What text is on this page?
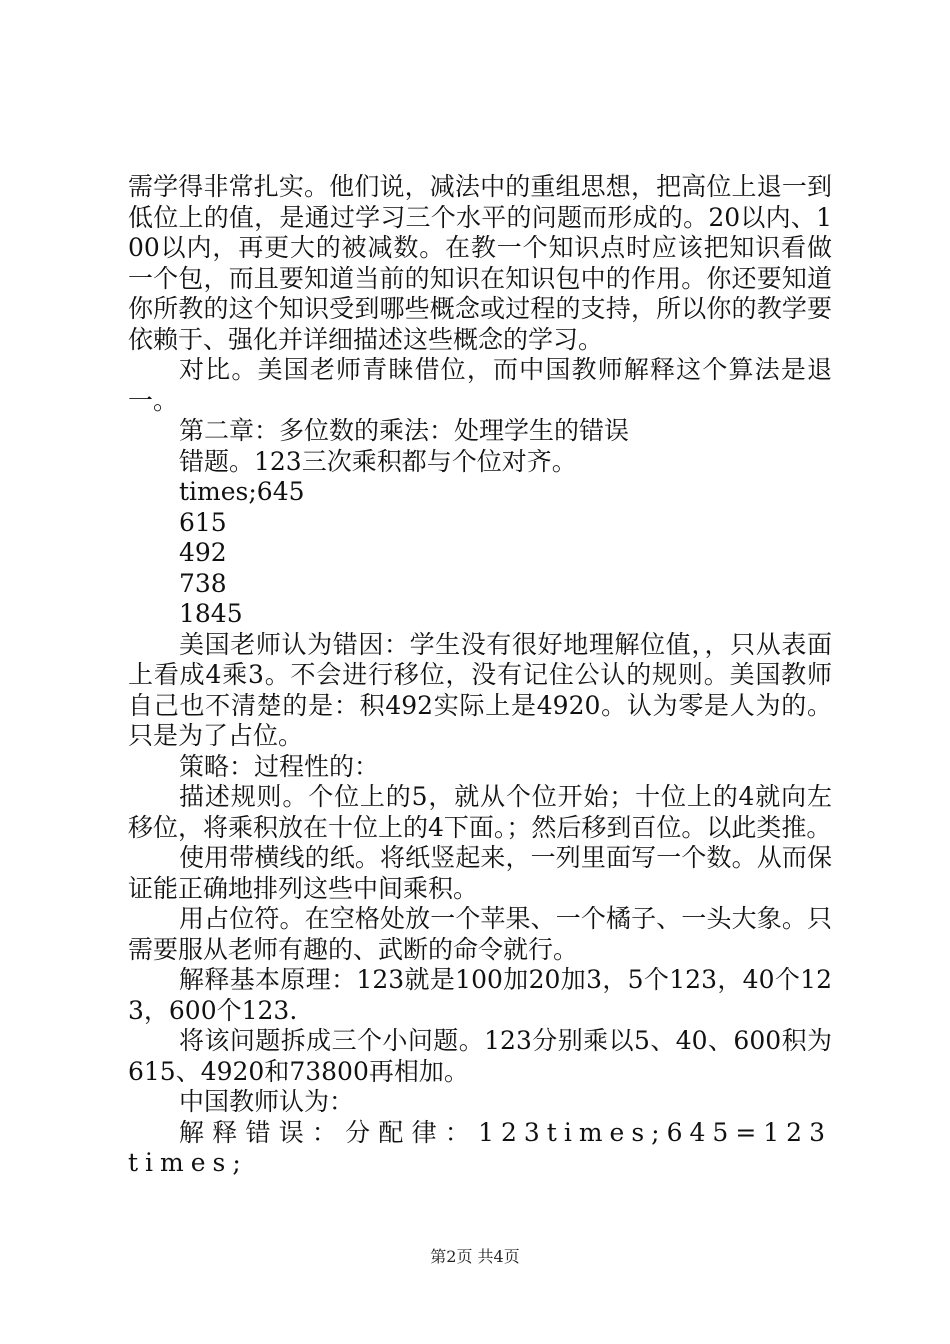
需学得非常扎实。他们说，减法中的重组思想，把高位上退一到低位上的值，是通过学习三个水平的问题而形成的。20以内、100以内，再更大的被减数。在教一个知识点时应该把知识看做一个包，而且要知道当前的知识在知识包中的作用。你还要知道你所教的这个知识受到哪些概念或过程的支持，所以你的教学要依赖于、强化并详细描述这些概念的学习。

对比。美国老师青睐借位，而中国教师解释这个算法是退一。

第二章：多位数的乘法：处理学生的错误

错题。123三次乘积都与个位对齐。

times;645

615

492

738

1845

美国老师认为错因：学生没有很好地理解位值，，只从表面上看成4乘3。不会进行移位，没有记住公认的规则。美国教师自己也不清楚的是：积492实际上是4920。认为零是人为的。只是为了占位。

策略：过程性的：

描述规则。个位上的5，就从个位开始；十位上的4就向左移位，将乘积放在十位上的4下面。；然后移到百位。以此类推。

使用带横线的纸。将纸竖起来，一列里面写一个数。从而保证能正确地排列这些中间乘积。

用占位符。在空格处放一个苹果、一个橘子、一头大象。只需要服从老师有趣的、武断的命令就行。

解释基本原理：123就是100加20加3，5个123，40个123，600个123.

将该问题拆成三个小问题。123分别乘以5、40、600积为615、4920和73800再相加。

中国教师认为：

解释错误：分配律：123times;645=123times;

第2页 共4页
